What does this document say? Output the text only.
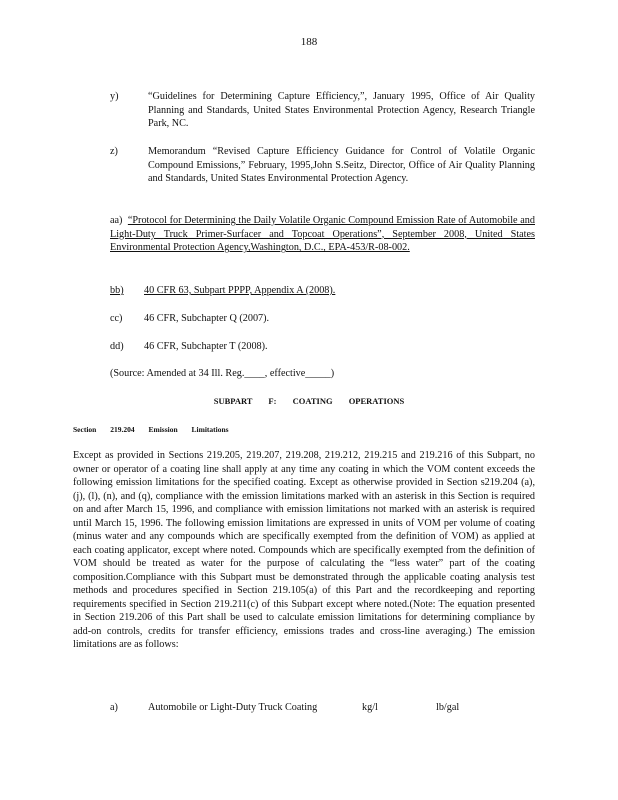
188
y)	“Guidelines for Determining Capture Efficiency,”, January 1995, Office of Air Quality Planning and Standards, United States Environmental Protection Agency, Research Triangle Park, NC.
z)	Memorandum “Revised Capture Efficiency Guidance for Control of Volatile Organic Compound Emissions,” February, 1995,John S.Seitz, Director, Office of Air Quality Planning and Standards, United States Environmental Protection Agency.
aa) “Protocol for Determining the Daily Volatile Organic Compound Emission Rate of Automobile and Light-Duty Truck Primer-Surfacer and Topcoat Operations”, September 2008, United States Environmental Protection Agency,Washington, D.C., EPA-453/R-08-002.
bb) 40 CFR 63, Subpart PPPP, Appendix A (2008).
cc) 46 CFR, Subchapter Q (2007).
dd) 46 CFR, Subchapter T (2008).
(Source: Amended at 34 Ill. Reg.____, effective_____)
SUBPART F: COATING OPERATIONS
Section 219.204 Emission Limitations
Except as provided in Sections 219.205, 219.207, 219.208, 219.212, 219.215 and 219.216 of this Subpart, no owner or operator of a coating line shall apply at any time any coating in which the VOM content exceeds the following emission limitations for the specified coating. Except as otherwise provided in Section s219.204 (a), (j), (l), (n), and (q), compliance with the emission limitations marked with an asterisk in this Section is required on and after March 15, 1996, and compliance with emission limitations not marked with an asterisk is required until March 15, 1996. The following emission limitations are expressed in units of VOM per volume of coating (minus water and any compounds which are specifically exempted from the definition of VOM) as applied at each coating applicator, except where noted. Compounds which are specifically exempted from the definition of VOM should be treated as water for the purpose of calculating the “less water” part of the coating composition.Compliance with this Subpart must be demonstrated through the applicable coating analysis test methods and procedures specified in Section 219.105(a) of this Part and the recordkeeping and reporting requirements specified in Section 219.211(c) of this Subpart except where noted.(Note: The equation presented in Section 219.206 of this Part shall be used to calculate emission limitations for determining compliance by add-on controls, credits for transfer efficiency, emissions trades and cross-line averaging.) The emission limitations are as follows:
a)	Automobile or Light-Duty Truck Coating	kg/l	lb/gal
